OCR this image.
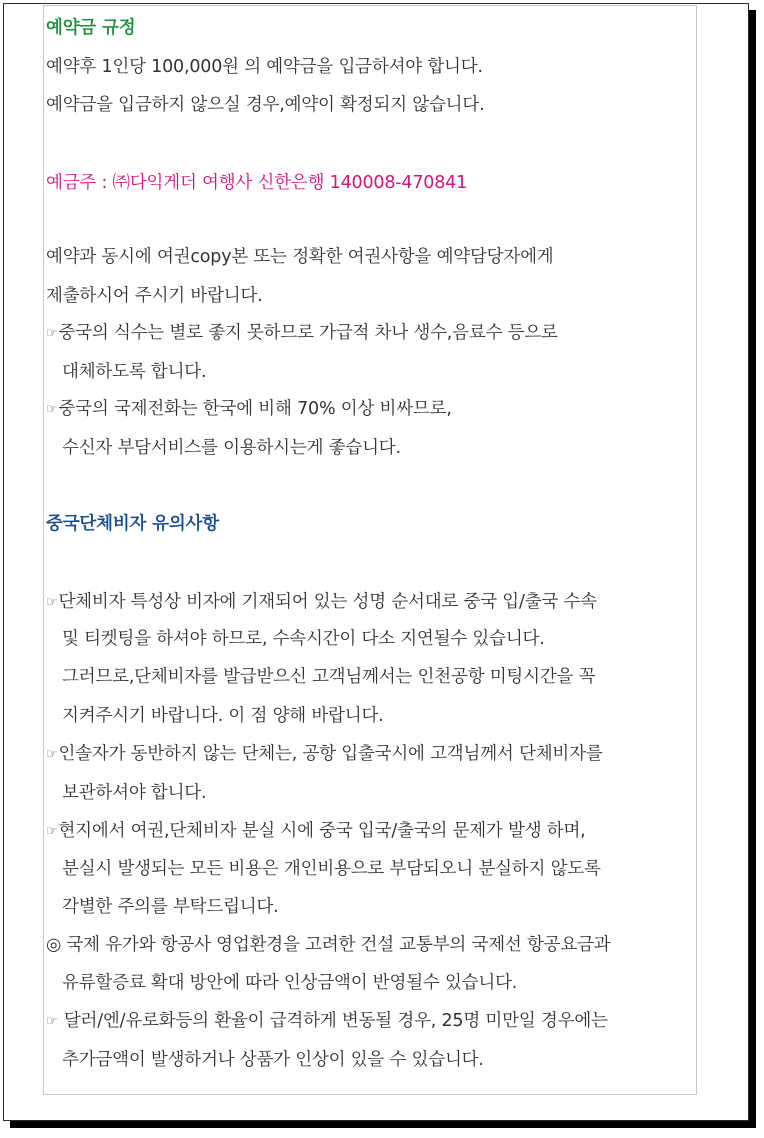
예약금 규정
예약후 1인당 100,000원 의 예약금을 입금하셔야 합니다.
예약금을 입금하지 않으실 경우,예약이 확정되지 않습니다.
예금주 : ㈜다익게더 여행사 신한은행 140008-470841
예약과 동시에 여권copy본 또는 정확한 여권사항을 예약담당자에게
제출하시어 주시기 바랍니다.
☞중국의 식수는 별로 좋지 못하므로 가급적 차나 생수,음료수 등으로
대체하도록 합니다.
☞중국의 국제전화는 한국에 비해 70% 이상 비싸므로,
수신자 부담서비스를 이용하시는게 좋습니다.
중국단체비자 유의사항
☞단체비자 특성상 비자에 기재되어 있는 성명 순서대로 중국 입/출국 수속
및 티켓팅을 하셔야 하므로, 수속시간이 다소 지연될수 있습니다.
그러므로,단체비자를 발급받으신 고객님께서는 인천공항 미팅시간을 꼭
지켜주시기 바랍니다. 이 점 양해 바랍니다.
☞인솔자가 동반하지 않는 단체는, 공항 입출국시에 고객님께서 단체비자를
보관하셔야 합니다.
☞현지에서 여권,단체비자 분실 시에 중국 입국/출국의 문제가 발생 하며,
분실시 발생되는 모든 비용은 개인비용으로 부담되오니 분실하지 않도록
각별한 주의를 부탁드립니다.
◎ 국제 유가와 항공사 영업환경을 고려한 건설 교통부의 국제선 항공요금과
유류할증료 확대 방안에 따라 인상금액이 반영될수 있습니다.
☞ 달러/엔/유로화등의 환율이 급격하게 변동될 경우, 25명 미만일 경우에는
추가금액이 발생하거나 상품가 인상이 있을 수 있습니다.
